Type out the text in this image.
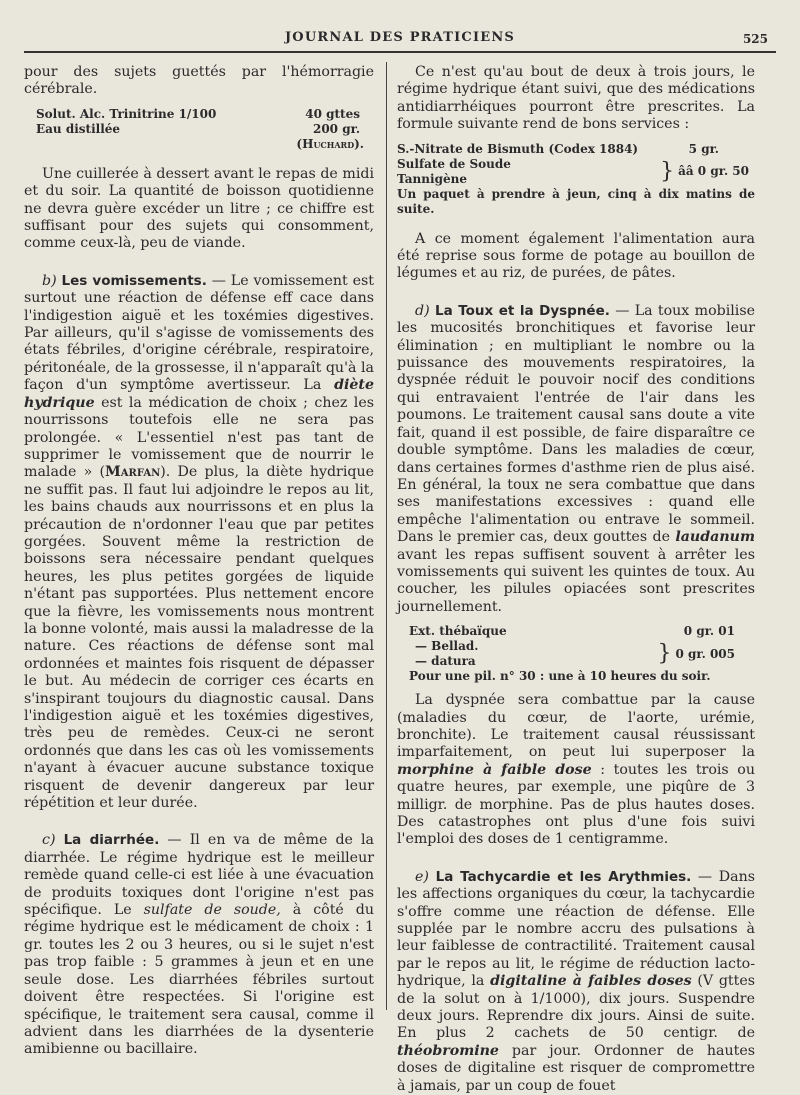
JOURNAL DES PRATICIENS	525

pour des sujets guettés par l'hémorragie cérébrale.

Solut. Alc. Trinitrine 1/100	40 gttes
Eau distillée	200 gr.
(Huchard).

Une cuillerée à dessert avant le repas de midi et du soir. La quantité de boisson quotidienne ne devra guère excéder un litre ; ce chiffre est suffisant pour des sujets qui consomment, comme ceux-là, peu de viande.

b) Les vomissements. — Le vomissement est surtout une réaction de défense eff cace dans l'indigestion aiguë et les toxémies digestives. Par ailleurs, qu'il s'agisse de vomissements des états fébriles, d'origine cérébrale, respiratoire, péritonéale, de la grossesse, il n'apparaît qu'à la façon d'un symptôme avertisseur. La diète hydrique est la médication de choix ; chez les nourrissons toutefois elle ne sera pas prolongée. « L'essentiel n'est pas tant de supprimer le vomissement que de nourrir le malade » (Marfan). De plus, la diète hydrique ne suffit pas. Il faut lui adjoindre le repos au lit, les bains chauds aux nourrissons et en plus la précaution de n'ordonner l'eau que par petites gorgées. Souvent même la restriction de boissons sera nécessaire pendant quelques heures, les plus petites gorgées de liquide n'étant pas supportées. Plus nettement encore que la fièvre, les vomissements nous montrent la bonne volonté, mais aussi la maladresse de la nature. Ces réactions de défense sont mal ordonnées et maintes fois risquent de dépasser le but. Au médecin de corriger ces écarts en s'inspirant toujours du diagnostic causal. Dans l'indigestion aiguë et les toxémies digestives, très peu de remèdes. Ceux-ci ne seront ordonnés que dans les cas où les vomissements n'ayant à évacuer aucune substance toxique risquent de devenir dangereux par leur répétition et leur durée.

c) La diarrhée. — Il en va de même de la diarrhée. Le régime hydrique est le meilleur remède quand celle-ci est liée à une évacuation de produits toxiques dont l'origine n'est pas spécifique. Le sulfate de soude, à côté du régime hydrique est le médicament de choix : 1 gr. toutes les 2 ou 3 heures, ou si le sujet n'est pas trop faible : 5 grammes à jeun et en une seule dose. Les diarrhées fébriles surtout doivent être respectées. Si l'origine est spécifique, le traitement sera causal, comme il advient dans les diarrhées de la dysenterie amibienne ou bacillaire.

Ce n'est qu'au bout de deux à trois jours, le régime hydrique étant suivi, que des médications antidiarrhéiques pourront être prescrites. La formule suivante rend de bons services :

S.-Nitrate de Bismuth (Codex 1884)	5 gr.
Sulfate de Soude
Tannigène	} ââ 0 gr. 50
Un paquet à prendre à jeun, cinq à dix matins de suite.

A ce moment également l'alimentation aura été reprise sous forme de potage au bouillon de légumes et au riz, de purées, de pâtes.

d) La Toux et la Dyspnée. — La toux mobilise les mucosités bronchitiques et favorise leur élimination ; en multipliant le nombre ou la puissance des mouvements respiratoires, la dyspnée réduit le pouvoir nocif des conditions qui entravaient l'entrée de l'air dans les poumons. Le traitement causal sans doute a vite fait, quand il est possible, de faire disparaître ce double symptôme. Dans les maladies de cœur, dans certaines formes d'asthme rien de plus aisé. En général, la toux ne sera combattue que dans ses manifestations excessives : quand elle empêche l'alimentation ou entrave le sommeil. Dans le premier cas, deux gouttes de laudanum avant les repas suffisent souvent à arrêter les vomissements qui suivent les quintes de toux. Au coucher, les pilules opiacées sont prescrites journellement.

Ext. thébaïque	0 gr. 01
— Bellad.
— datura	} 0 gr. 005
Pour une pil. n° 30 : une à 10 heures du soir.

La dyspnée sera combattue par la cause (maladies du cœur, de l'aorte, urémie, bronchite). Le traitement causal réussissant imparfaitement, on peut lui superposer la morphine à faible dose : toutes les trois ou quatre heures, par exemple, une piqûre de 3 milligr. de morphine. Pas de plus hautes doses. Des catastrophes ont plus d'une fois suivi l'emploi des doses de 1 centigramme.

e) La Tachycardie et les Arythmies. — Dans les affections organiques du cœur, la tachycardie s'offre comme une réaction de défense. Elle supplée par le nombre accru des pulsations à leur faiblesse de contractilité. Traitement causal par le repos au lit, le régime de réduction lacto-hydrique, la digitaline à faibles doses (V gttes de la solut on à 1/1000), dix jours. Suspendre deux jours. Reprendre dix jours. Ainsi de suite. En plus 2 cachets de 50 centigr. de théobromine par jour. Ordonner de hautes doses de digitaline est risquer de compromettre à jamais, par un coup de fouet
